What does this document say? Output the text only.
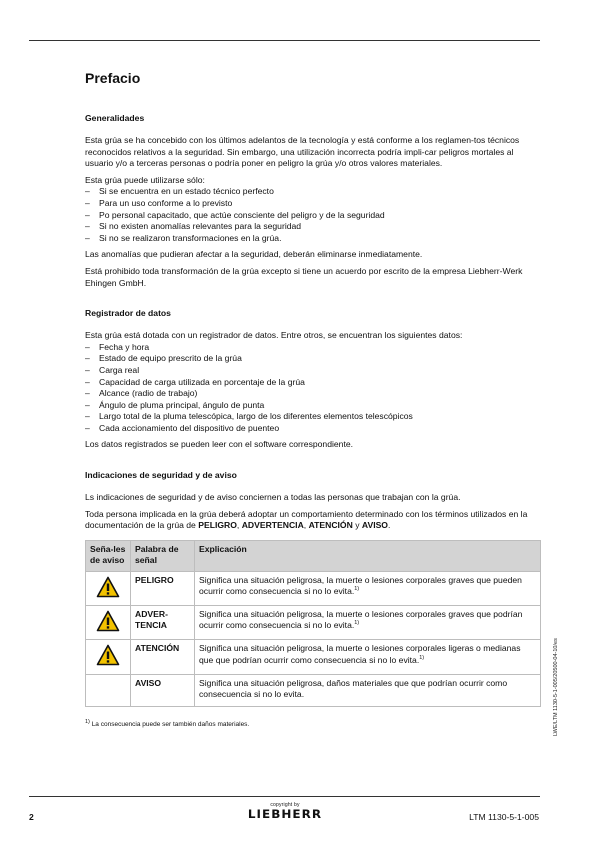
Prefacio
Generalidades

Esta grúa se ha concebido con los últimos adelantos de la tecnología y está conforme a los reglamen-tos técnicos reconocidos relativos a la seguridad. Sin embargo, una utilización incorrecta podría impli-car peligros mortales al usuario y/o a terceras personas o podría poner en peligro la grúa y/o otros valores materiales.

Esta grúa puede utilizarse sólo:

– Si se encuentra en un estado técnico perfecto
– Para un uso conforme a lo previsto
– Po personal capacitado, que actúe consciente del peligro y de la seguridad
– Si no existen anomalías relevantes para la seguridad
– Si no se realizaron transformaciones en la grúa.

Las anomalías que pudieran afectar a la seguridad, deberán eliminarse inmediatamente.

Está prohibido toda transformación de la grúa excepto si tiene un acuerdo por escrito de la empresa Liebherr-Werk Ehingen GmbH.

Registrador de datos

Esta grúa está dotada con un registrador de datos. Entre otros, se encuentran los siguientes datos:

– Fecha y hora
– Estado de equipo prescrito de la grúa
– Carga real
– Capacidad de carga utilizada en porcentaje de la grúa
– Alcance (radio de trabajo)
– Ángulo de pluma principal, ángulo de punta
– Largo total de la pluma telescópica, largo de los diferentes elementos telescópicos
– Cada accionamiento del dispositivo de puenteo

Los datos registrados se pueden leer con el software correspondiente.

Indicaciones de seguridad y de aviso

Ls indicaciones de seguridad y de aviso conciernen a todas las personas que trabajan con la grúa.

Toda persona implicada en la grúa deberá adoptar un comportamiento determinado con los términos utilizados en la documentación de la grúa de PELIGRO, ADVERTENCIA, ATENCIÓN y AVISO.

Seña-les de aviso	Palabra de señal	Explicación
	PELIGRO	Significa una situación peligrosa, la muerte o lesiones corporales graves que pueden ocurrir como consecuencia si no lo evita.$^{1)}$
	ADVER-TENCIA	Significa una situación peligrosa, la muerte o lesiones corporales graves que podrían ocurrir como consecuencia si no lo evita.$^{1)}$
	ATENCIÓN	Significa una situación peligrosa, la muerte o lesiones corporales ligeras o medianas que que podrían ocurrir como consecuencia si no lo evita.$^{1)}$
	AVISO	Significa una situación peligrosa, daños materiales que que podrían ocurrir como consecuencia si no lo evita.
$^{1)}$ La consecuencia puede ser también daños materiales.	LWE/LTM 1130-5-1-005/20500-04-10/es
2
copyright by
LIEBHERR	LTM 1130-5-1-005
